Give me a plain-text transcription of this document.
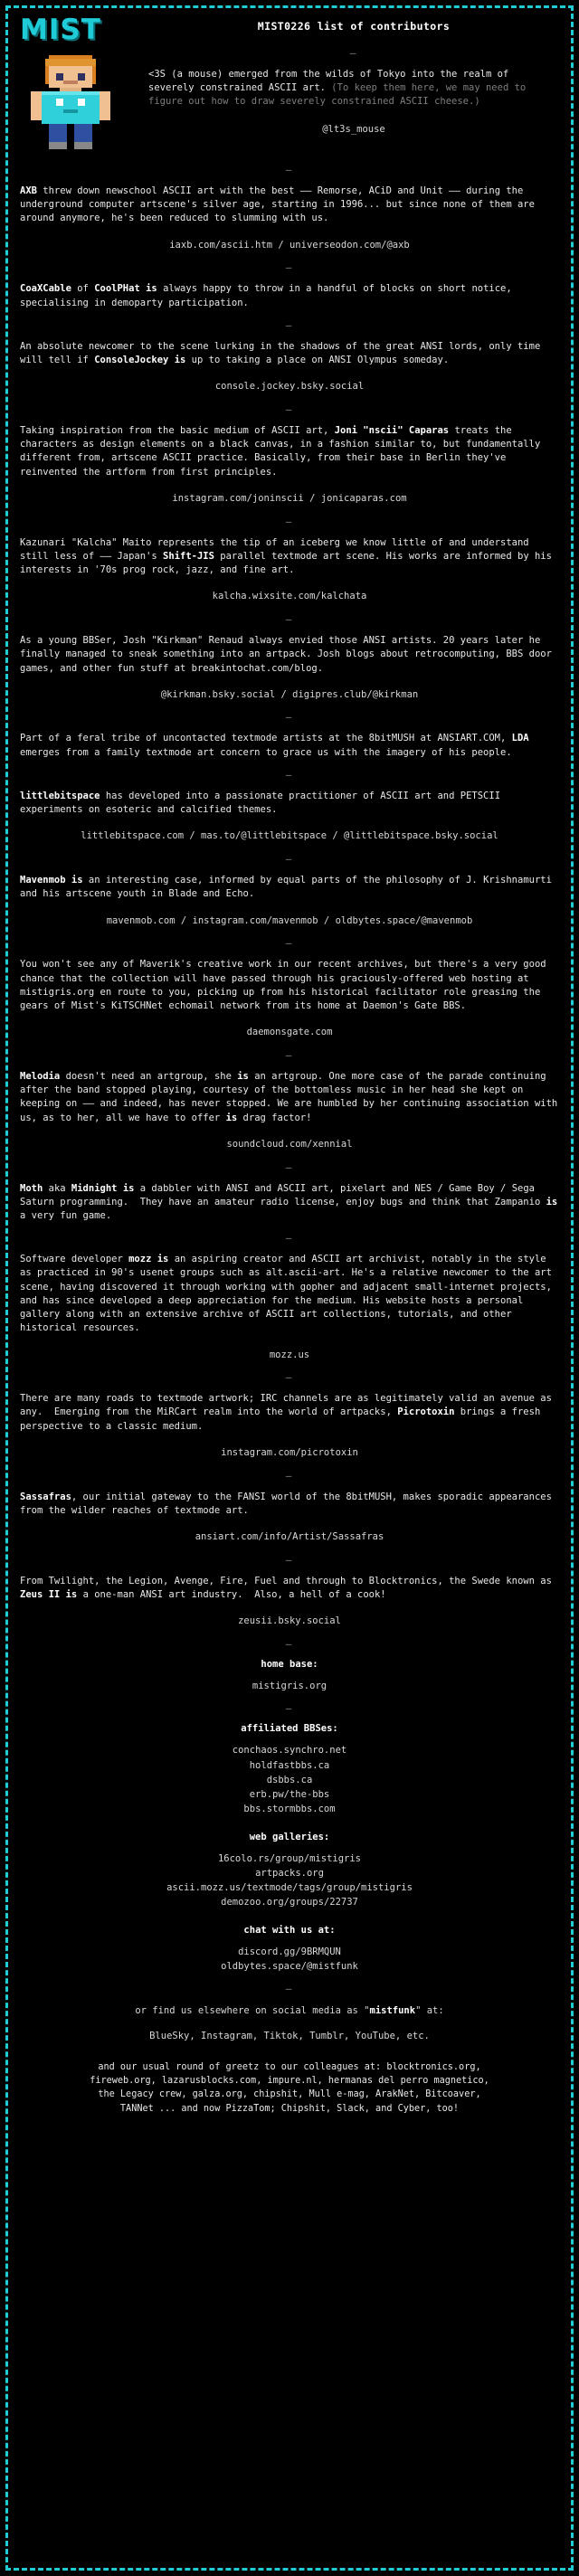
MIST	MIST0226 list of contributors
—

<3S (a mouse) emerged from the wilds of Tokyo into the realm of severely constrained ASCII art. (To keep them here, we may need to figure out how to draw severely constrained ASCII cheese.)

@lt3s_mouse
—

AXB threw down newschool ASCII art with the best —— Remorse, ACiD and Unit —— during the underground computer artscene's silver age, starting in 1996... but since none of them are around anymore, he's been reduced to slumming with us.

iaxb.com/ascii.htm / universeodon.com/@axb
—

CoaXCable of CoolPHat is always happy to throw in a handful of blocks on short notice, specialising in demoparty participation.

—

An absolute newcomer to the scene lurking in the shadows of the great ANSI lords, only time will tell if ConsoleJockey is up to taking a place on ANSI Olympus someday.

console.jockey.bsky.social
—

Taking inspiration from the basic medium of ASCII art, Joni "nscii" Caparas treats the characters as design elements on a black canvas, in a fashion similar to, but fundamentally different from, artscene ASCII practice. Basically, from their base in Berlin they've reinvented the artform from first principles.

instagram.com/joninscii / jonicaparas.com
—

Kazunari "Kalcha" Maito represents the tip of an iceberg we know little of and understand still less of —— Japan's Shift-JIS parallel textmode art scene. His works are informed by his interests in '70s prog rock, jazz, and fine art.

kalcha.wixsite.com/kalchata
—

As a young BBSer, Josh "Kirkman" Renaud always envied those ANSI artists. 20 years later he finally managed to sneak something into an artpack. Josh blogs about retrocomputing, BBS door games, and other fun stuff at breakintochat.com/blog.

@kirkman.bsky.social / digipres.club/@kirkman
—

Part of a feral tribe of uncontacted textmode artists at the 8bitMUSH at ANSIART.COM, LDA emerges from a family textmode art concern to grace us with the imagery of his people.

—

littlebitspace has developed into a passionate practitioner of ASCII art and PETSCII experiments on esoteric and calcified themes.

littlebitspace.com / mas.to/@littlebitspace / @littlebitspace.bsky.social
—

Mavenmob is an interesting case, informed by equal parts of the philosophy of J. Krishnamurti and his artscene youth in Blade and Echo.

mavenmob.com / instagram.com/mavenmob / oldbytes.space/@mavenmob
—

You won't see any of Maverik's creative work in our recent archives, but there's a very good chance that the collection will have passed through his graciously-offered web hosting at mistigris.org en route to you, picking up from his historical facilitator role greasing the gears of Mist's KiTSCHNet echomail network from its home at Daemon's Gate BBS.

daemonsgate.com
—

Melodia doesn't need an artgroup, she is an artgroup. One more case of the parade continuing after the band stopped playing, courtesy of the bottomless music in her head she kept on keeping on —— and indeed, has never stopped. We are humbled by her continuing association with us, as to her, all we have to offer is drag factor!

soundcloud.com/xennial
—

Moth aka Midnight is a dabbler with ANSI and ASCII art, pixelart and NES / Game Boy / Sega Saturn programming.  They have an amateur radio license, enjoy bugs and think that Zampanio is a very fun game.

—

Software developer mozz is an aspiring creator and ASCII art archivist, notably in the style as practiced in 90's usenet groups such as alt.ascii-art. He's a relative newcomer to the art scene, having discovered it through working with gopher and adjacent small-internet projects, and has since developed a deep appreciation for the medium. His website hosts a personal gallery along with an extensive archive of ASCII art collections, tutorials, and other historical resources.

mozz.us
—

There are many roads to textmode artwork; IRC channels are as legitimately valid an avenue as any.  Emerging from the MiRCart realm into the world of artpacks, Picrotoxin brings a fresh perspective to a classic medium.

instagram.com/picrotoxin
—

Sassafras, our initial gateway to the FANSI world of the 8bitMUSH, makes sporadic appearances from the wilder reaches of textmode art.

ansiart.com/info/Artist/Sassafras
—

From Twilight, the Legion, Avenge, Fire, Fuel and through to Blocktronics, the Swede known as Zeus II is a one-man ANSI art industry.  Also, a hell of a cook!

zeusii.bsky.social
—
home base:
mistigris.org
—
affiliated BBSes:
conchaos.synchro.net
holdfastbbs.ca
dsbbs.ca
erb.pw/the-bbs
bbs.stormbbs.com
web galleries:
16colo.rs/group/mistigris
artpacks.org
ascii.mozz.us/textmode/tags/group/mistigris
demozoo.org/groups/22737
chat with us at:
discord.gg/9BRMQUN
oldbytes.space/@mistfunk
—
or find us elsewhere on social media as "mistfunk" at:
BlueSky, Instagram, Tiktok, Tumblr, YouTube, etc.
and our usual round of greetz to our colleagues at: blocktronics.org,
fireweb.org, lazarusblocks.com, impure.nl, hermanas del perro magnetico,
the Legacy crew, galza.org, chipshit, Mull e-mag, ArakNet, Bitcoaver,
TANNet ... and now PizzaTom; Chipshit, Slack, and Cyber, too!
